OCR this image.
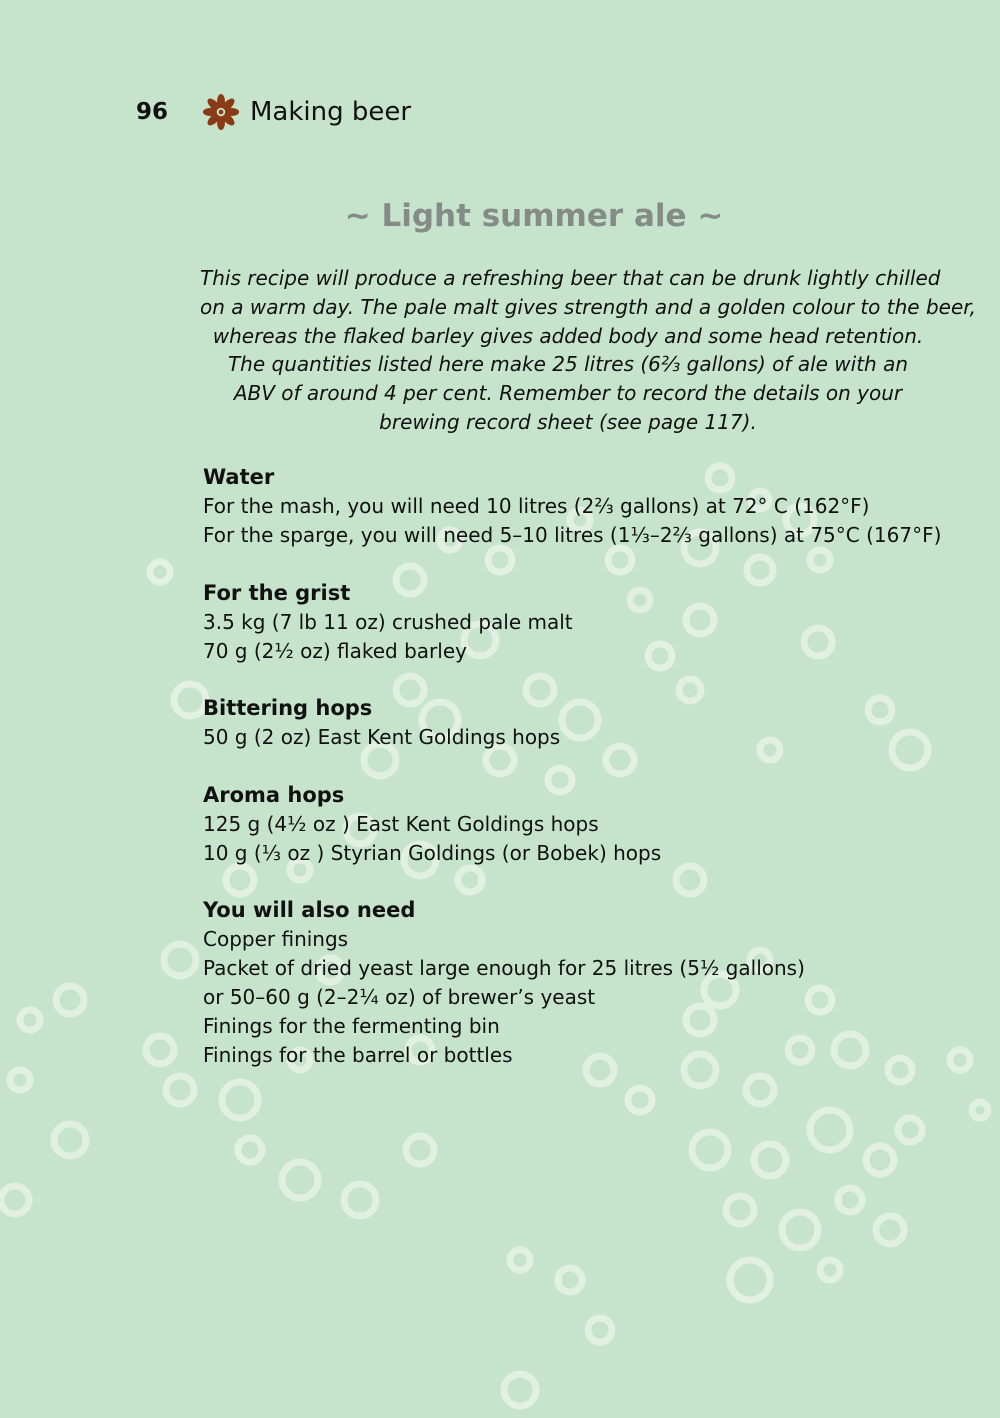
96	Making beer
~ Light summer ale ~

This recipe will produce a refreshing beer that can be drunk lightly chilled
on a warm day. The pale malt gives strength and a golden colour to the beer,
whereas the flaked barley gives added body and some head retention.
The quantities listed here make 25 litres (6⅔ gallons) of ale with an
ABV of around 4 per cent. Remember to record the details on your
brewing record sheet (see page 117).

Water

For the mash, you will need 10 litres (2⅔ gallons) at 72° C (162°F)

For the sparge, you will need 5–10 litres (1⅓–2⅔ gallons) at 75°C (167°F)

For the grist

3.5 kg (7 lb 11 oz) crushed pale malt

70 g (2½ oz) flaked barley

Bittering hops

50 g (2 oz) East Kent Goldings hops

Aroma hops

125 g (4½ oz ) East Kent Goldings hops

10 g (⅓ oz ) Styrian Goldings (or Bobek) hops

You will also need

Copper finings

Packet of dried yeast large enough for 25 litres (5½ gallons)

or 50–60 g (2–2¼ oz) of brewer’s yeast

Finings for the fermenting bin

Finings for the barrel or bottles
